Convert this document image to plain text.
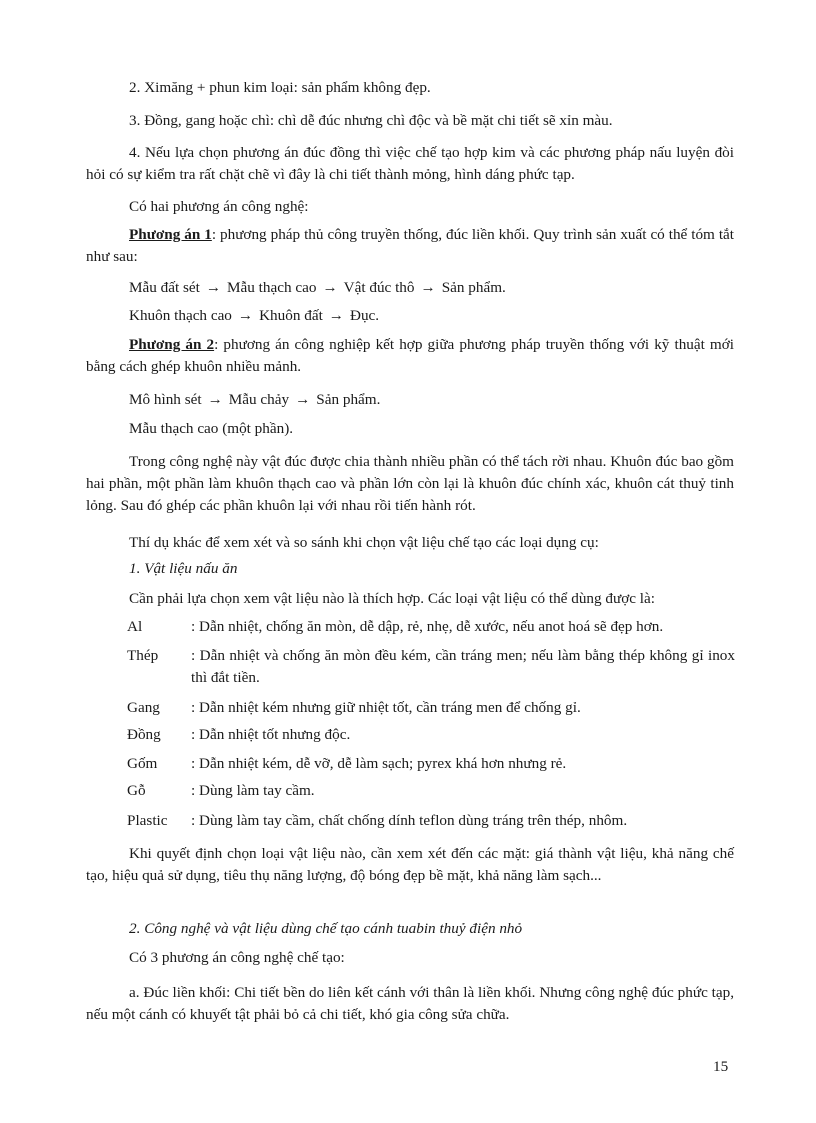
2. Ximăng + phun kim loại: sản phẩm không đẹp.

3. Đồng, gang hoặc chì: chì dễ đúc nhưng chì độc và bề mặt chi tiết sẽ xỉn màu.

4. Nếu lựa chọn phương án đúc đồng thì việc chế tạo hợp kim và các phương pháp nấu luyện đòi hỏi có sự kiểm tra rất chặt chẽ vì đây là chi tiết thành mỏng, hình dáng phức tạp.

Có hai phương án công nghệ:

Phương án 1: phương pháp thủ công truyền thống, đúc liền khối. Quy trình sản xuất có thể tóm tắt như sau:

Mẫu đất sét → Mẫu thạch cao → Vật đúc thô → Sản phẩm.

Khuôn thạch cao → Khuôn đất → Đục.

Phương án 2: phương án công nghiệp kết hợp giữa phương pháp truyền thống với kỹ thuật mới bằng cách ghép khuôn nhiều mảnh.

Mô hình sét → Mẫu chảy → Sản phẩm.

Mẫu thạch cao (một phần).

Trong công nghệ này vật đúc được chia thành nhiều phần có thể tách rời nhau. Khuôn đúc bao gồm hai phần, một phần làm khuôn thạch cao và phần lớn còn lại là khuôn đúc chính xác, khuôn cát thuỷ tinh lỏng. Sau đó ghép các phần khuôn lại với nhau rồi tiến hành rót.

Thí dụ khác để xem xét và so sánh khi chọn vật liệu chế tạo các loại dụng cụ:

1. Vật liệu nấu ăn

Cần phải lựa chọn xem vật liệu nào là thích hợp. Các loại vật liệu có thể dùng được là:

Al	: Dẫn nhiệt, chống ăn mòn, dễ dập, rẻ, nhẹ, dễ xước, nếu anot hoá sẽ đẹp hơn.
Thép : Dẫn nhiệt và chống ăn mòn đều kém, cần tráng men; nếu làm bằng thép không gỉ inox thì đắt tiền.
Gang : Dẫn nhiệt kém nhưng giữ nhiệt tốt, cần tráng men để chống gỉ.
Đồng : Dẫn nhiệt tốt nhưng độc.
Gốm : Dẫn nhiệt kém, dễ vỡ, dễ làm sạch; pyrex khá hơn nhưng rẻ.
Gỗ	: Dùng làm tay cầm.
Plastic : Dùng làm tay cầm, chất chống dính teflon dùng tráng trên thép, nhôm.

Khi quyết định chọn loại vật liệu nào, cần xem xét đến các mặt: giá thành vật liệu, khả năng chế tạo, hiệu quả sử dụng, tiêu thụ năng lượng, độ bóng đẹp bề mặt, khả năng làm sạch...

2. Công nghệ và vật liệu dùng chế tạo cánh tuabin thuỷ điện nhỏ

Có 3 phương án công nghệ chế tạo:

a. Đúc liền khối: Chi tiết bền do liên kết cánh với thân là liền khối. Nhưng công nghệ đúc phức tạp, nếu một cánh có khuyết tật phải bỏ cả chi tiết, khó gia công sửa chữa.

15
